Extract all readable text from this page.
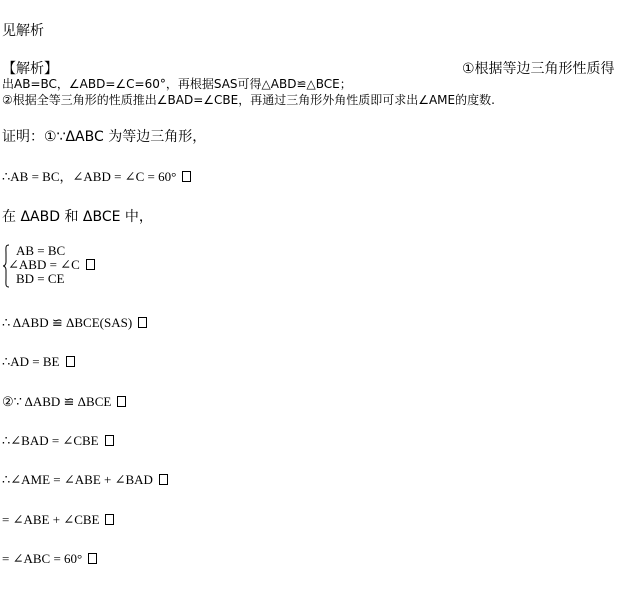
见解析
【解析】	①根据等边三角形性质得
出AB=BC，∠ABD=∠C=60°，再根据SAS可得△ABD≌△BCE；
②根据全等三角形的性质推出∠BAD=∠CBE，再通过三角形外角性质即可求出∠AME的度数.
证明：①∵ΔABC 为等边三角形，
∴AB = BC，∠ABD = ∠C = 60°
在 ΔABD 和 ΔBCE 中，
AB = BC
∠ABD = ∠C
BD = CE
∴ ΔABD ≌ ΔBCE(SAS)
∴AD = BE
②∵ ΔABD ≌ ΔBCE
∴∠BAD = ∠CBE
∴∠AME = ∠ABE + ∠BAD
= ∠ABE + ∠CBE
= ∠ABC = 60°
